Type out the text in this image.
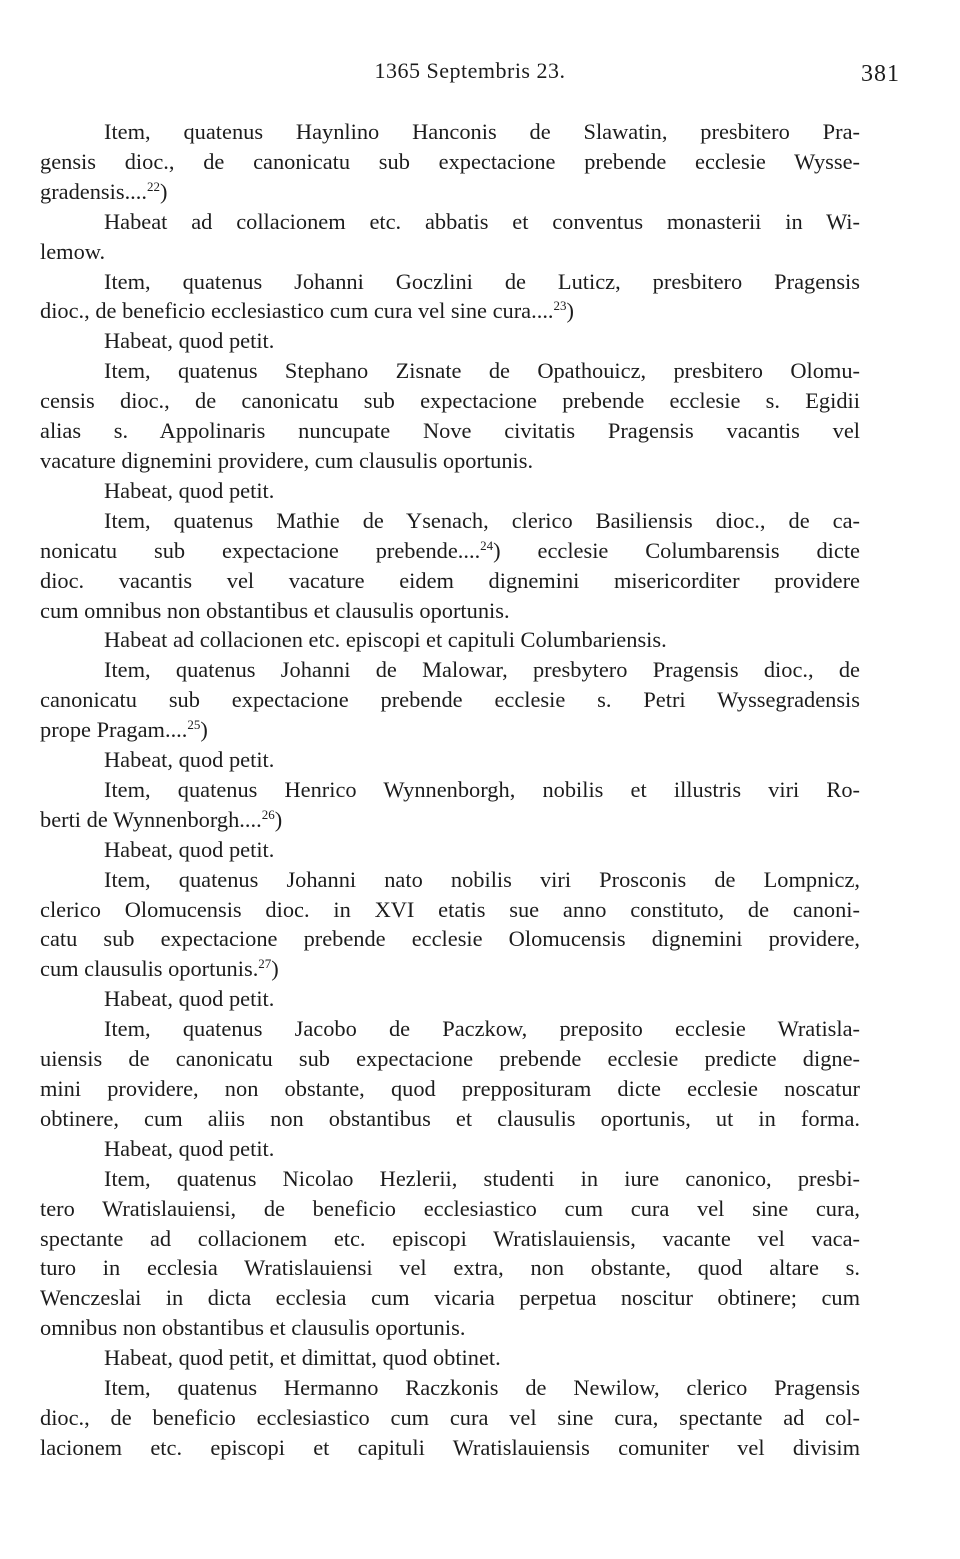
1365 Septembris 23.	381
Item, quatenus Haynlino Hanconis de Slawatin, presbitero Pra-
gensis dioc., de canonicatu sub expectacione prebende ecclesie Wysse-
gradensis....$^{22}$)
Habeat ad collacionem etc. abbatis et conventus monasterii in Wi-
lemow.
Item, quatenus Johanni Goczlini de Luticz, presbitero Pragensis
dioc., de beneficio ecclesiastico cum cura vel sine cura....$^{23}$)
Habeat, quod petit.
Item, quatenus Stephano Zisnate de Opathouicz, presbitero Olomu-
censis dioc., de canonicatu sub expectacione prebende ecclesie s. Egidii
alias s. Appolinaris nuncupate Nove civitatis Pragensis vacantis vel
vacature dignemini providere, cum clausulis oportunis.
Habeat, quod petit.
Item, quatenus Mathie de Ysenach, clerico Basiliensis dioc., de ca-
nonicatu sub expectacione prebende....$^{24}$) ecclesie Columbarensis dicte
dioc. vacantis vel vacature eidem dignemini misericorditer providere
cum omnibus non obstantibus et clausulis oportunis.
Habeat ad collacionen etc. episcopi et capituli Columbariensis.
Item, quatenus Johanni de Malowar, presbytero Pragensis dioc., de
canonicatu sub expectacione prebende ecclesie s. Petri Wyssegradensis
prope Pragam....$^{25}$)
Habeat, quod petit.
Item, quatenus Henrico Wynnenborgh, nobilis et illustris viri Ro-
berti de Wynnenborgh....$^{26}$)
Habeat, quod petit.
Item, quatenus Johanni nato nobilis viri Prosconis de Lompnicz,
clerico Olomucensis dioc. in XVI etatis sue anno constituto, de canoni-
catu sub expectacione prebende ecclesie Olomucensis dignemini providere,
cum clausulis oportunis.$^{27}$)
Habeat, quod petit.
Item, quatenus Jacobo de Paczkow, preposito ecclesie Wratisla-
uiensis de canonicatu sub expectacione prebende ecclesie predicte digne-
mini providere, non obstante, quod prepposituram dicte ecclesie noscatur
obtinere, cum aliis non obstantibus et clausulis oportunis, ut in forma.
Habeat, quod petit.
Item, quatenus Nicolao Hezlerii, studenti in iure canonico, presbi-
tero Wratislauiensi, de beneficio ecclesiastico cum cura vel sine cura,
spectante ad collacionem etc. episcopi Wratislauiensis, vacante vel vaca-
turo in ecclesia Wratislauiensi vel extra, non obstante, quod altare s.
Wenczeslai in dicta ecclesia cum vicaria perpetua noscitur obtinere; cum
omnibus non obstantibus et clausulis oportunis.
Habeat, quod petit, et dimittat, quod obtinet.
Item, quatenus Hermanno Raczkonis de Newilow, clerico Pragensis
dioc., de beneficio ecclesiastico cum cura vel sine cura, spectante ad col-
lacionem etc. episcopi et capituli Wratislauiensis comuniter vel divisim
